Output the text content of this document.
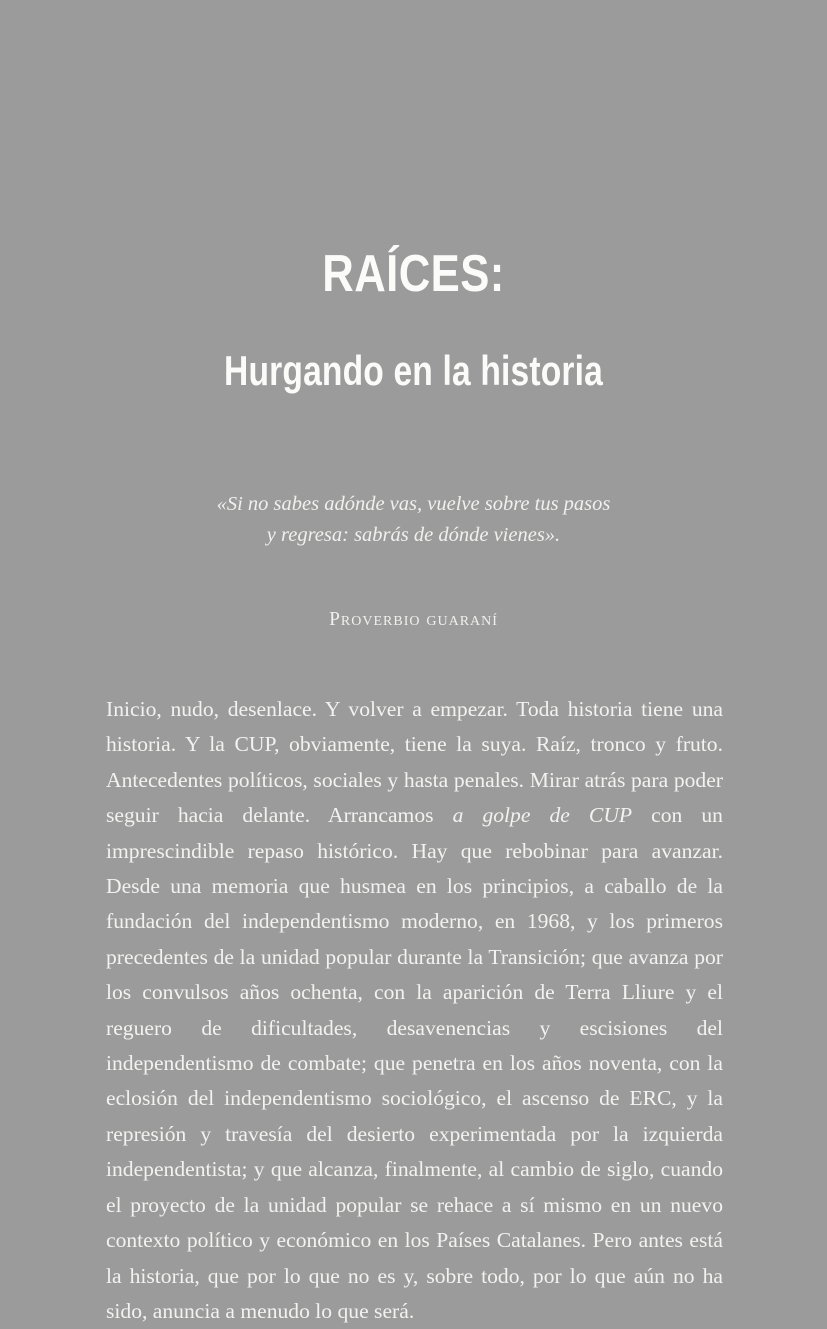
RAÍCES:
Hurgando en la historia

«Si no sabes adónde vas, vuelve sobre tus pasos
y regresa: sabrás de dónde vienes».

Proverbio guaraní

Inicio, nudo, desenlace. Y volver a empezar. Toda historia tiene una historia. Y la CUP, obviamente, tiene la suya. Raíz, tronco y fruto. Antecedentes políticos, sociales y hasta penales. Mirar atrás para poder seguir hacia delante. Arrancamos a golpe de CUP con un imprescindible repaso histórico. Hay que rebobinar para avanzar. Desde una memoria que husmea en los principios, a caballo de la fundación del independentismo moderno, en 1968, y los primeros precedentes de la unidad popular durante la Transición; que avanza por los convulsos años ochenta, con la aparición de Terra Lliure y el reguero de dificultades, desavenencias y escisiones del independentismo de combate; que penetra en los años noventa, con la eclosión del independentismo sociológico, el ascenso de ERC, y la represión y travesía del desierto experimentada por la izquierda independentista; y que alcanza, finalmente, al cambio de siglo, cuando el proyecto de la unidad popular se rehace a sí mismo en un nuevo contexto político y económico en los Países Catalanes. Pero antes está la historia, que por lo que no es y, sobre todo, por lo que aún no ha sido, anuncia a menudo lo que será.
